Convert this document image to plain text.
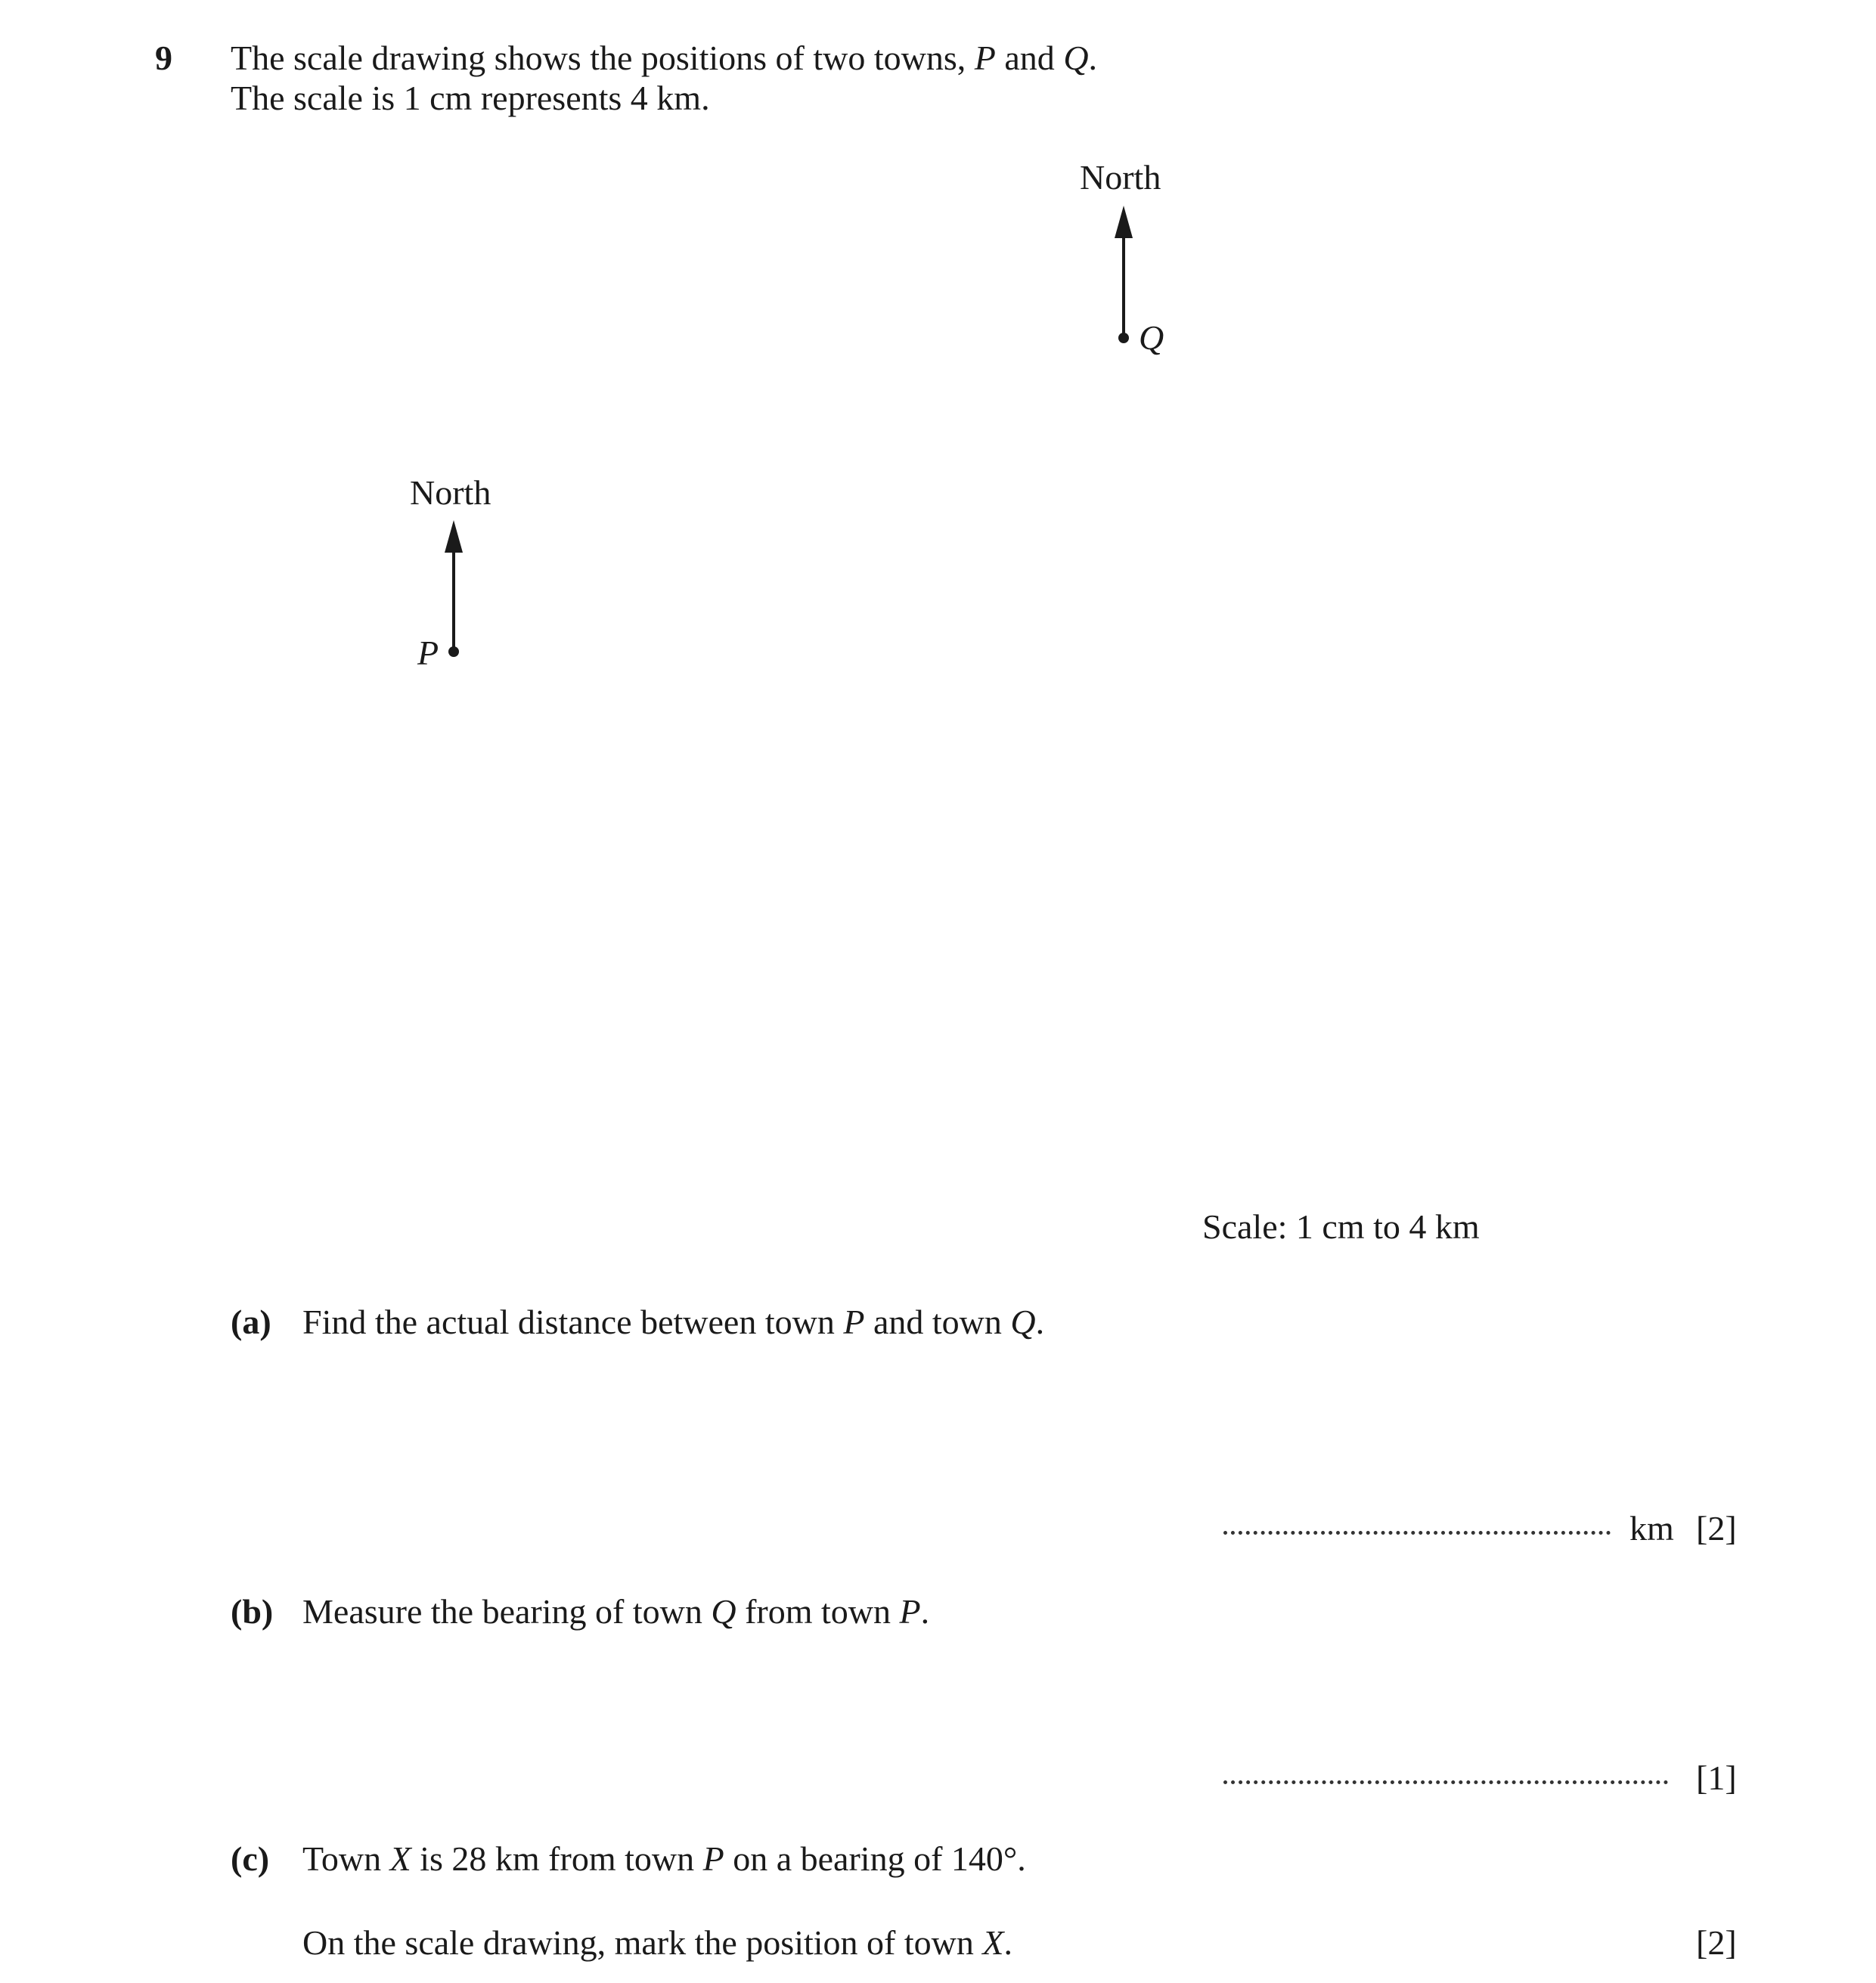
9 The scale drawing shows the positions of two towns, P and Q.
The scale is 1 cm represents 4 km.
North
Q
North
P
Scale: 1 cm to 4 km
(a) Find the actual distance between town P and town Q.
km [2]
(b) Measure the bearing of town Q from town P.
[1]
(c) Town X is 28 km from town P on a bearing of 140°.
On the scale drawing, mark the position of town X.	[2]
